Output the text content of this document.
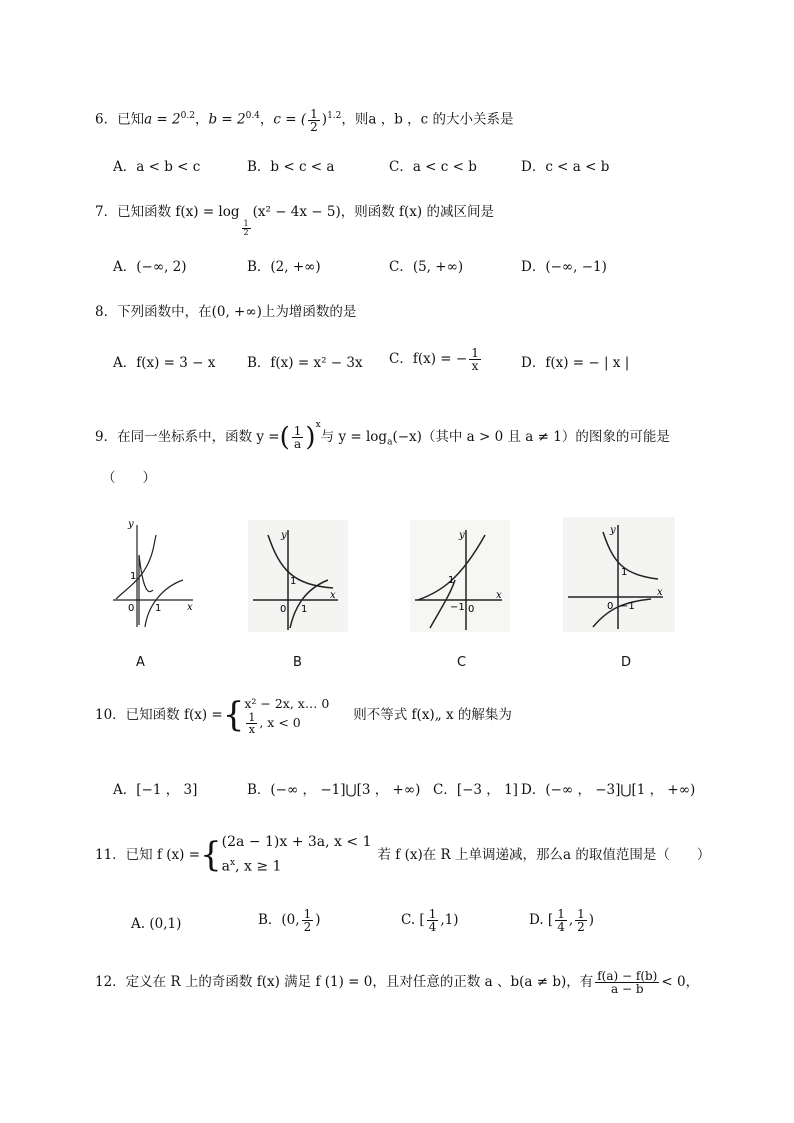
6．已知$a = 2^{0.2}$，$b = 2^{0.4}$，c = ( $\frac{1}{2} )^{1.2}$，则a ，b ，c 的大小关系是
A．a < b < c	B．b < c < a	C．a < c < b	D．c < a < b
7．已知函数 f(x) = log
$\frac{1}{2}$
(x² − 4x − 5)，则函数 f(x) 的减区间是
A．(−∞, 2)	B．(2, +∞)	C．(5, +∞)	D．(−∞, −1)
8．下列函数中，在(0, +∞)上为增函数的是
A．f(x) = 3 − x B．f(x) = x² − 3x C．f(x) = − $\frac{1}{x}$	D．f(x) = − | x |
9．在同一坐标系中，函数 y =( $\frac{1}{a} )^x$与 $y = \log_a(-x)$（其中 a > 0 且 a ≠ 1）的图象的可能是
（　　）
y
x
0
1
1
y
x
0
1
1
y
x
1
−1 0
y
x
1
−1
0
A	B	C	D
10．已知函数 f(x) ={ x² − 2x, x… 0
$\frac{1}{x}$ , x < 0	则不等式 f(x)„ x 的解集为
A．[−1 ， 3]	B．(−∞ ， −1]⋃[3 ， +∞) C．[−3 ， 1] D．(−∞ ， −3]⋃[1 ， +∞)
11．已知 f (x) ={ (2a − 1)x + 3a, x < 1
$a^x$, x ≥ 1
若 f (x)在 R 上单调递减，那么a 的取值范围是（　　）
A. (0,1)	B．(0, $\frac{1}{2}$ )	C. [ $\frac{1}{4} ,1$)	D. [ $\frac{1}{4}$ , $\frac{1}{2}$ )
12．定义在 R 上的奇函数 f(x) 满足 f (1) = 0，且对任意的正数 a 、b(a ≠ b)，有 $\frac{f(a) - f(b)}{a - b} < 0$，
